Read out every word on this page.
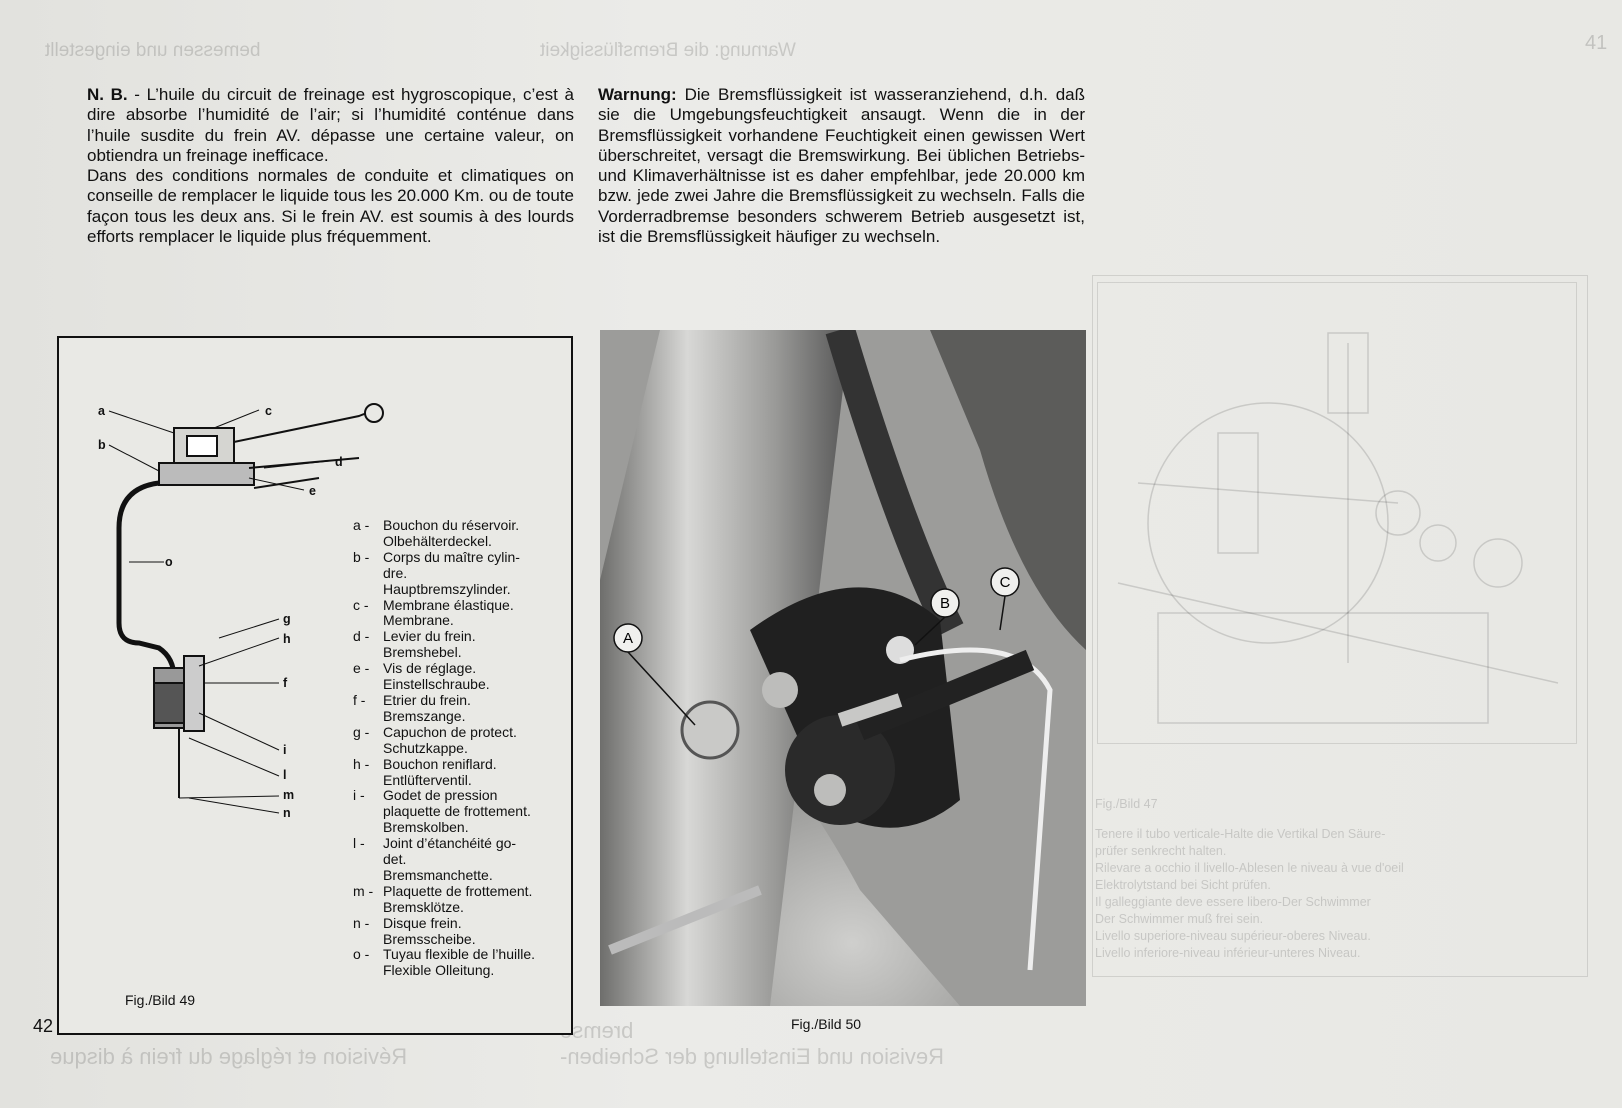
bemessen und eingestellt	Warnung: die Bremsflüssigkeit
Revision und Einstellung der Scheiben-
bremse
Révision et réglage du frein à disque
41
Fig./Bild 47
Tenere il tubo verticale-Halte die Vertikal Den Säure-
prüfer senkrecht halten.
Rilevare a occhio il livello-Ablesen le niveau à vue d'oeil
Elektrolytstand bei Sicht prüfen.
Il galleggiante deve essere libero-Der Schwimmer
Der Schwimmer muß frei sein.
Livello superiore-niveau supérieur-oberes Niveau.
Livello inferiore-niveau inférieur-unteres Niveau.

N. B. - L’huile du circuit de freinage est hygroscopique, c’est à dire absorbe l’humidité de l’air; si l’humidité conténue dans l’huile susdite du frein AV. dépasse une certaine valeur, on obtiendra un freinage inefficace.

Dans des conditions normales de conduite et climatiques on conseille de remplacer le liquide tous les 20.000 Km. ou de toute façon tous les deux ans. Si le frein AV. est soumis à des lourds efforts remplacer le liquide plus fréquemment.

Warnung: Die Bremsflüssigkeit ist wasseranziehend, d.h. daß sie die Umgebungsfeuchtigkeit ansaugt. Wenn die in der Bremsflüssigkeit vorhandene Feuchtigkeit einen gewissen Wert überschreitet, versagt die Bremswirkung. Bei üblichen Betriebs-und Klimaverhältnisse ist es daher empfehlbar, jede 20.000 km bzw. jede zwei Jahre die Bremsflüssigkeit zu wechseln. Falls die Vorderradbremse besonders schwerem Betrieb ausgesetzt ist, ist die Bremsflüssigkeit häufiger zu wechseln.

a
b
c
d
e
o
g
h
f
i
l
m
n
a - Bouchon du réservoir.
Olbehälterdeckel.
b - Corps du maître cylin-
dre.
Hauptbremszylinder.
c -	Membrane élastique.
Membrane.
d - Levier du frein.
Bremshebel.
e - Vis de réglage.
Einstellschraube.
f -	Etrier du frein.
Bremszange.
g - Capuchon de protect.
Schutzkappe.
h - Bouchon reniflard.
Entlüfterventil.
i -	Godet de pression
plaquette de frottement.
Bremskolben.
l -	Joint d’étanchéité go-
det.
Bremsmanchette.
m - Plaquette de frottement.
Bremsklötze.
n - Disque frein.
Bremsscheibe.
o - Tuyau flexible de l’huille.
Flexible Olleitung.
Fig./Bild 49
42
A
B
C
Fig./Bild 50
